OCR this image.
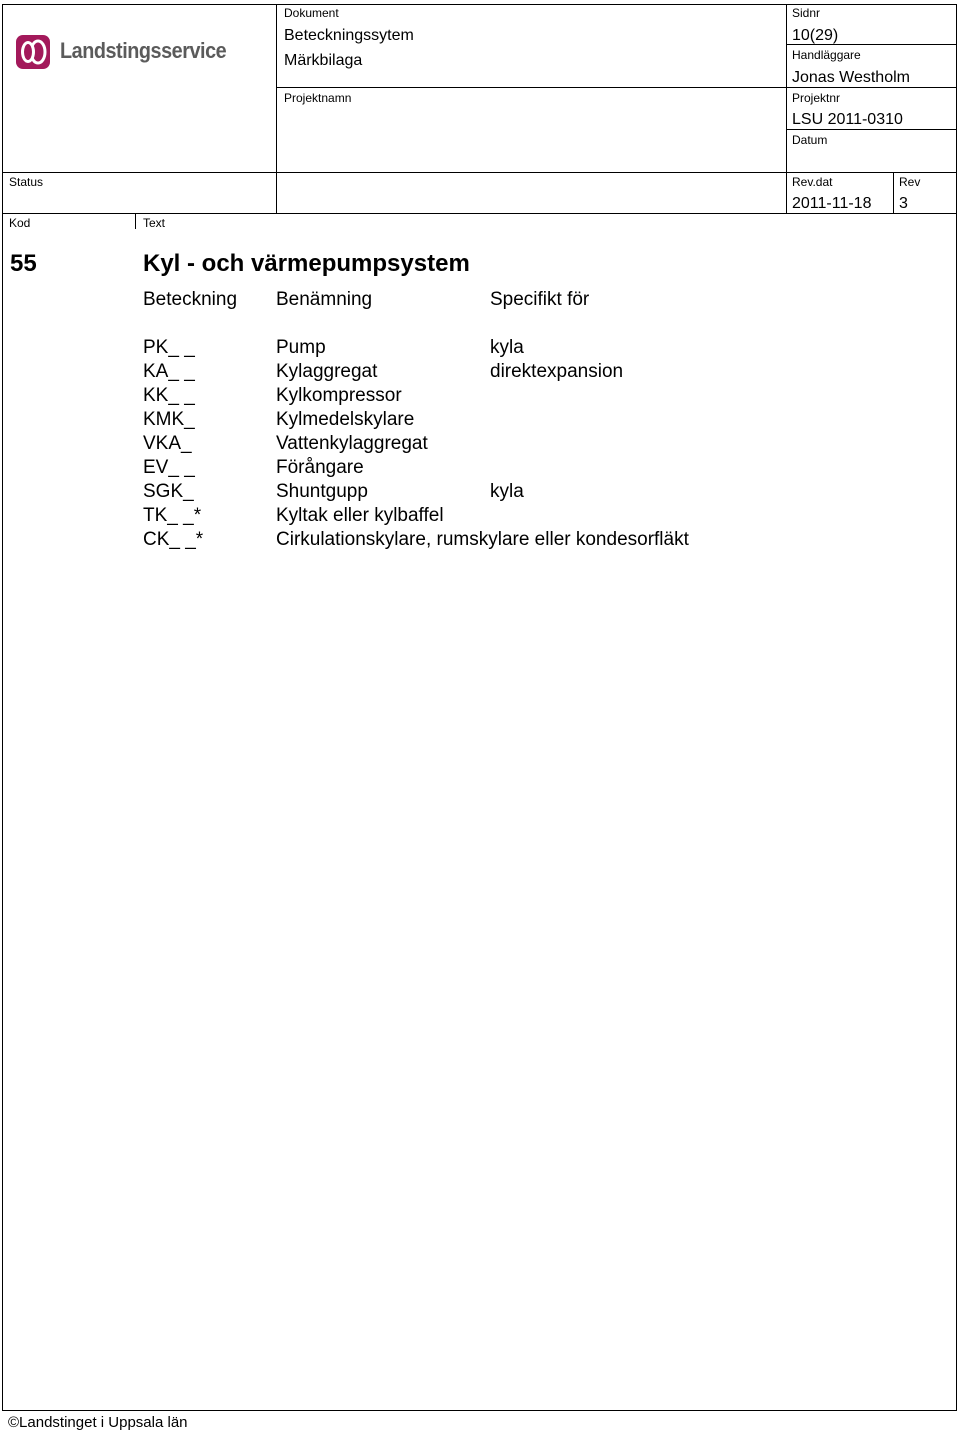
Landstingsservice
Dokument
Beteckningssytem
Märkbilaga
Sidnr
10(29)
Handläggare
Jonas Westholm
Projektnamn	Projektnr
LSU 2011-0310
Datum
Status	Rev.dat
2011-11-18
Rev
3
Kod	Text
55	Kyl - och värmepumpsystem
Beteckning Benämning	Specifikt för
PK_ _	Pump	kyla
KA_ _	Kylaggregat	direktexpansion
KK_ _	Kylkompressor
KMK_	Kylmedelskylare
VKA_	Vattenkylaggregat
EV_ _	Förångare
SGK_	Shuntgupp	kyla
TK_ _*	Kyltak eller kylbaffel
CK_ _*	Cirkulationskylare, rumskylare eller kondesorfläkt
©Landstinget i Uppsala län
